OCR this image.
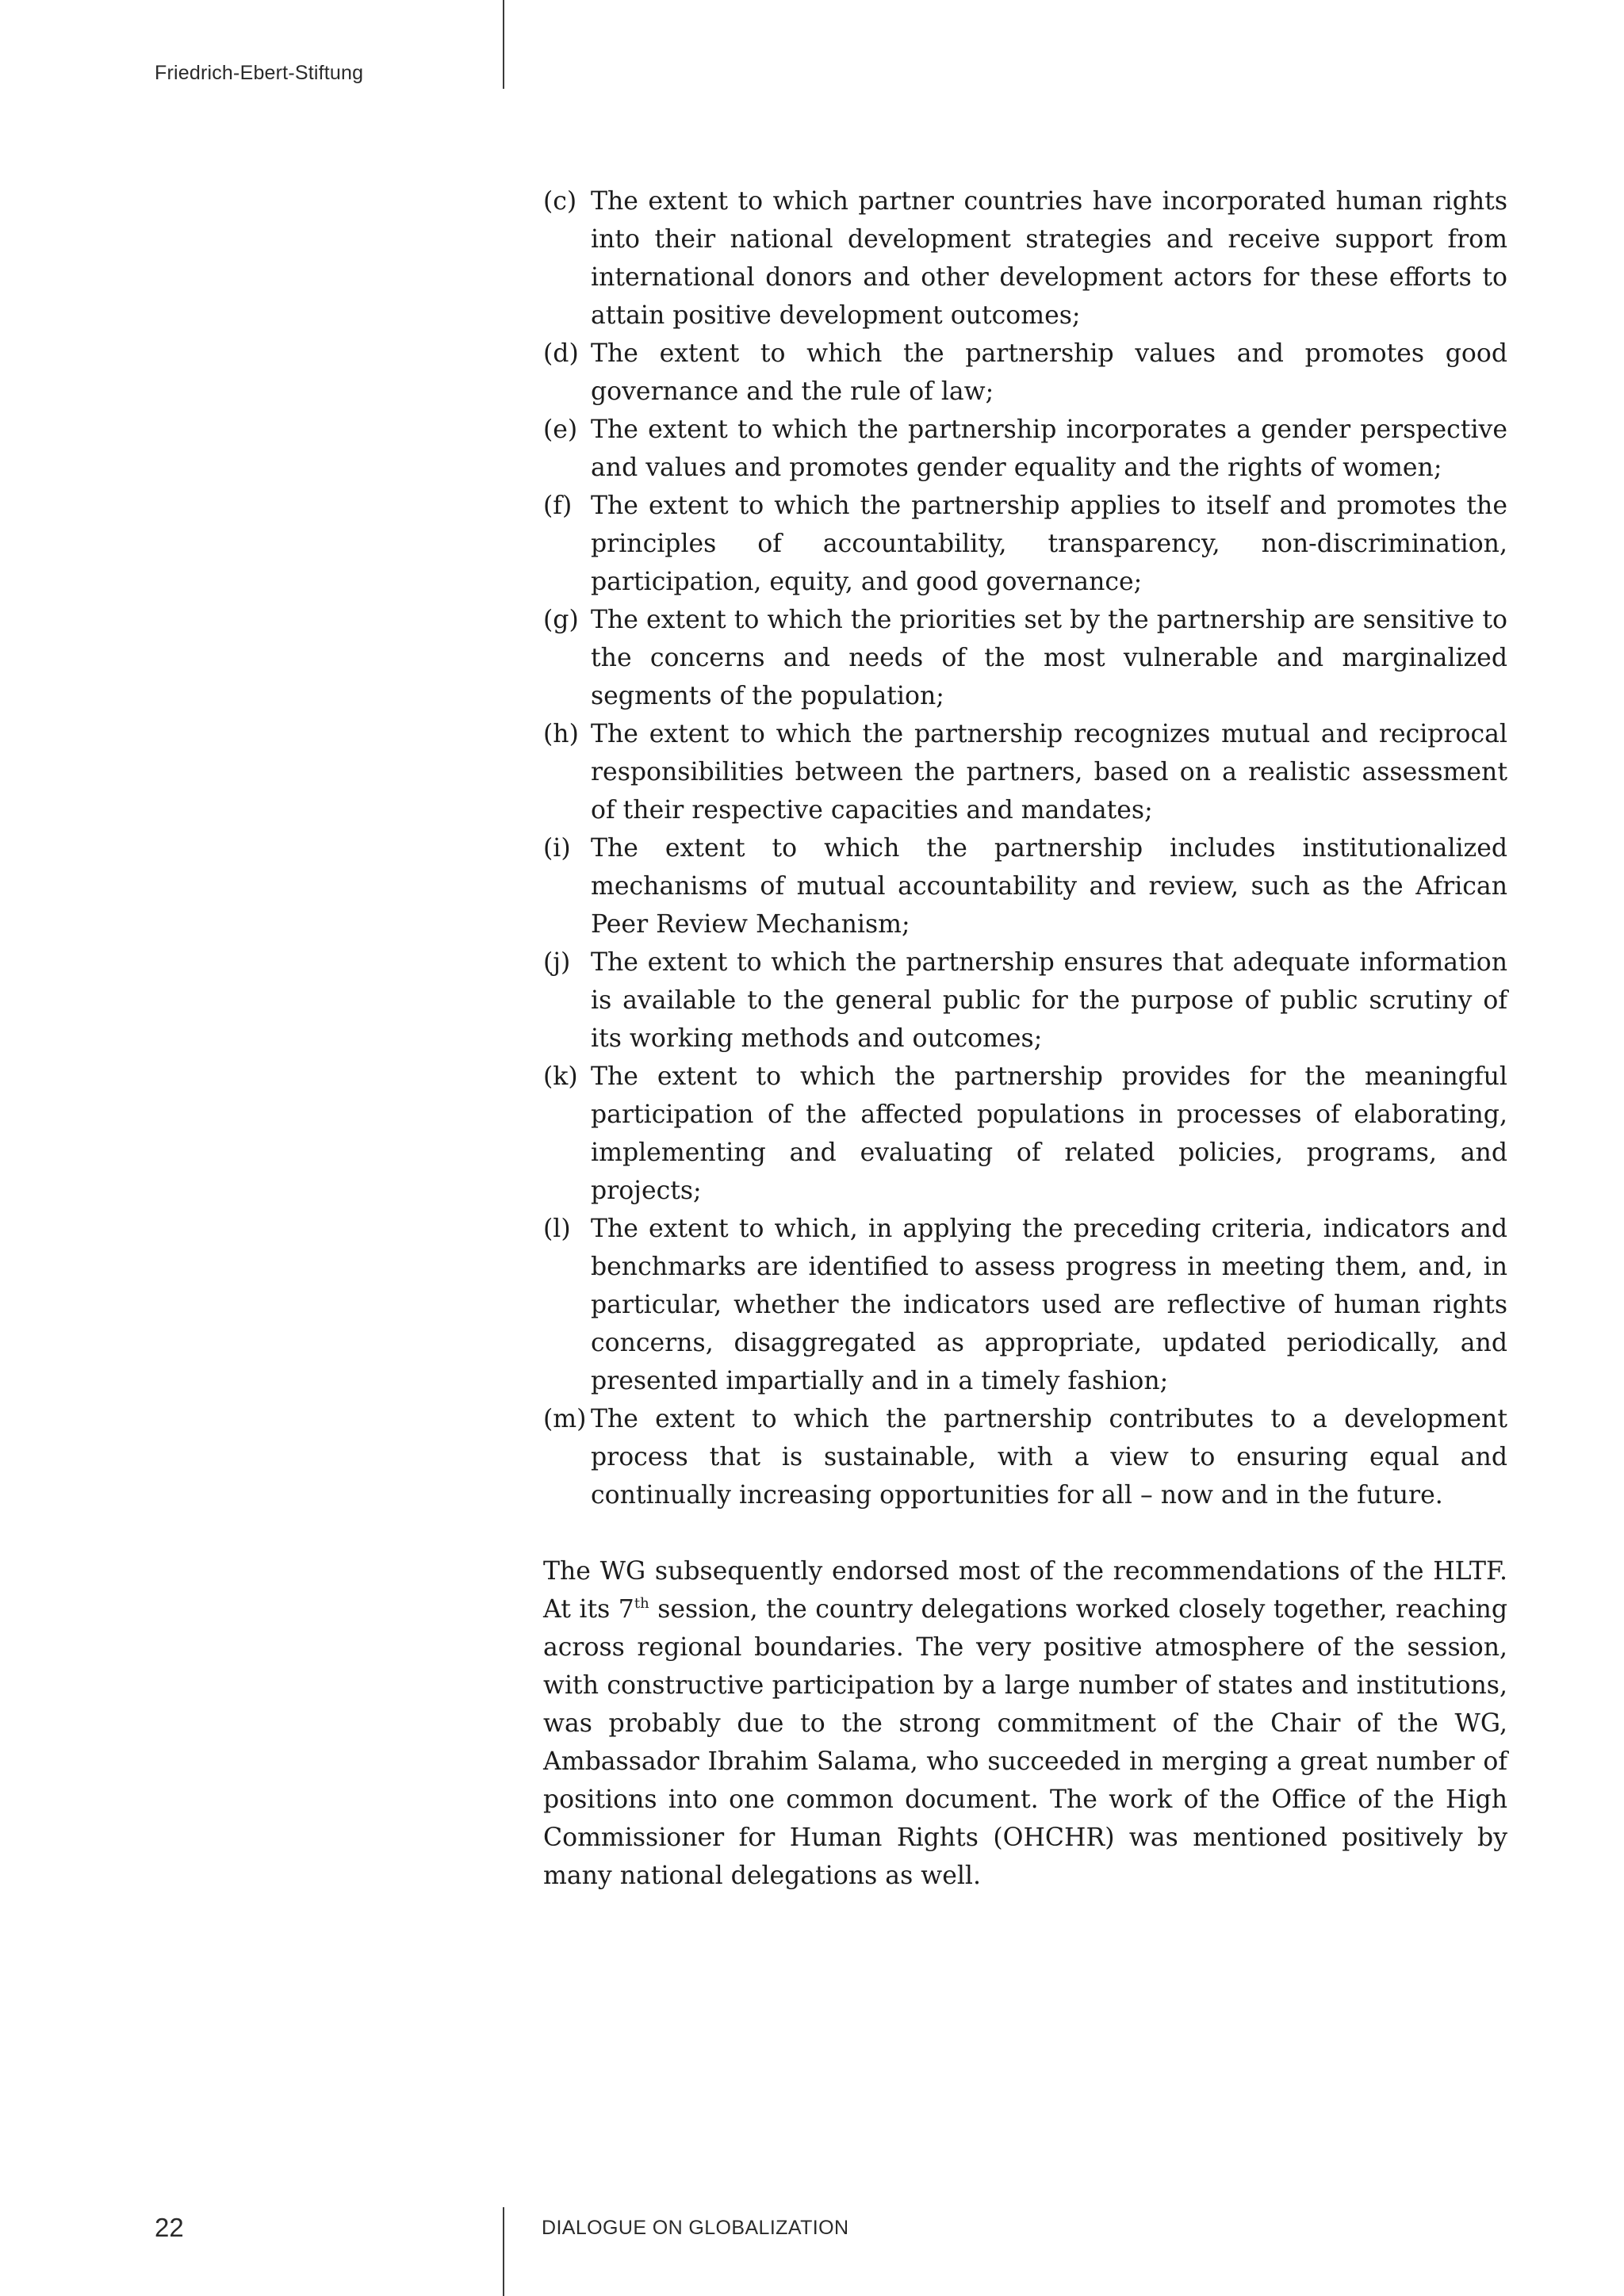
Friedrich-Ebert-Stiftung
(c) The extent to which partner countries have incorporated human rights into their national development strategies and receive support from international donors and other development actors for these efforts to attain positive development outcomes;
(d) The extent to which the partnership values and promotes good governance and the rule of law;
(e) The extent to which the partnership incorporates a gender perspective and values and promotes gender equality and the rights of women;
(f) The extent to which the partnership applies to itself and promotes the principles of accountability, transparency, non-discrimination, participation, equity, and good governance;
(g) The extent to which the priorities set by the partnership are sensitive to the concerns and needs of the most vulnerable and marginalized segments of the population;
(h) The extent to which the partnership recognizes mutual and reciprocal responsibilities between the partners, based on a realistic assessment of their respective capacities and mandates;
(i) The extent to which the partnership includes institutionalized mechanisms of mutual accountability and review, such as the African Peer Review Mechanism;
(j) The extent to which the partnership ensures that adequate information is available to the general public for the purpose of public scrutiny of its working methods and outcomes;
(k) The extent to which the partnership provides for the meaningful participation of the affected populations in processes of elaborating, implementing and evaluating of related policies, programs, and projects;
(l) The extent to which, in applying the preceding criteria, indicators and benchmarks are identified to assess progress in meeting them, and, in particular, whether the indicators used are reflective of human rights concerns, disaggregated as appropriate, updated periodically, and presented impartially and in a timely fashion;
(m) The extent to which the partnership contributes to a development process that is sustainable, with a view to ensuring equal and continually increasing opportunities for all – now and in the future.

The WG subsequently endorsed most of the recommendations of the HLTF. At its 7th session, the country delegations worked closely together, reaching across regional boundaries. The very positive atmosphere of the session, with constructive participation by a large number of states and institutions, was probably due to the strong commitment of the Chair of the WG, Ambassador Ibrahim Salama, who succeeded in merging a great number of positions into one common document. The work of the Office of the High Commissioner for Human Rights (OHCHR) was mentioned positively by many national delegations as well.

22	DIALOGUE ON GLOBALIZATION
